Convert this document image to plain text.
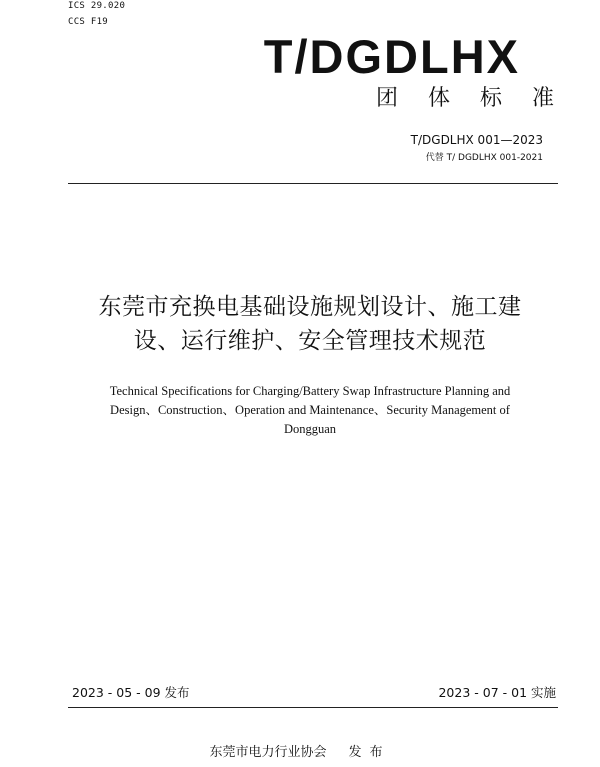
ICS 29.020
CCS F19
T/DGDLHX
团 体 标 准
T/DGDLHX 001—2023
代替 T/ DGDLHX 001-2021
东莞市充换电基础设施规划设计、施工建
设、运行维护、安全管理技术规范
Technical Specifications for Charging/Battery Swap Infrastructure Planning and
Design、Construction、Operation and Maintenance、Security Management of
Dongguan
2023 - 05 - 09 发布	2023 - 07 - 01 实施
东莞市电力行业协会 发布
